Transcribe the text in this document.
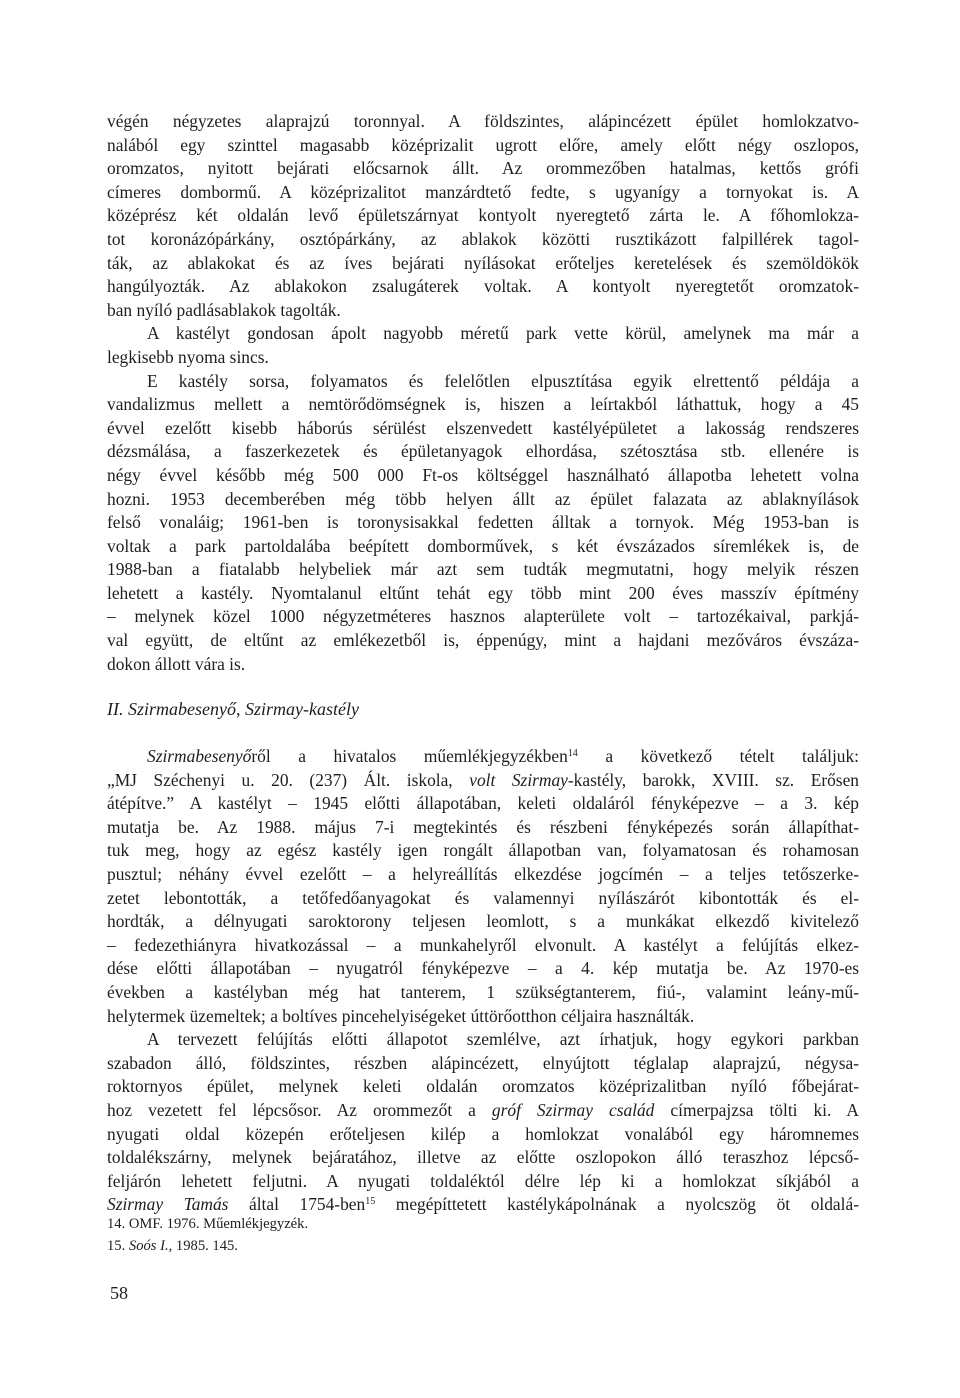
végén négyzetes alaprajzú toronnyal. A földszintes, alápincézett épület homlokzatvo-
nalából egy szinttel magasabb középrizalit ugrott előre, amely előtt négy oszlopos,
oromzatos, nyitott bejárati előcsarnok állt. Az orommezőben hatalmas, kettős grófi
címeres dombormű. A középrizalitot manzárdtető fedte, s ugyanígy a tornyokat is. A
középrész két oldalán levő épületszárnyat kontyolt nyeregtető zárta le. A főhomlokza-
tot koronázópárkány, osztópárkány, az ablakok közötti rusztikázott falpillérek tagol-
ták, az ablakokat és az íves bejárati nyílásokat erőteljes keretelések és szemöldökök
hangúlyozták. Az ablakokon zsalugáterek voltak. A kontyolt nyeregtetőt oromzatok-
ban nyíló padlásablakok tagolták.
A kastélyt gondosan ápolt nagyobb méretű park vette körül, amelynek ma már a
legkisebb nyoma sincs.
E kastély sorsa, folyamatos és felelőtlen elpusztítása egyik elrettentő példája a
vandalizmus mellett a nemtörődömségnek is, hiszen a leírtakból láthattuk, hogy a 45
évvel ezelőtt kisebb háborús sérülést elszenvedett kastélyépületet a lakosság rendszeres
dézsmálása, a faszerkezetek és épületanyagok elhordása, szétosztása stb. ellenére is
négy évvel később még 500 000 Ft-os költséggel használható állapotba lehetett volna
hozni. 1953 decemberében még több helyen állt az épület falazata az ablaknyílások
felső vonaláig; 1961-ben is toronysisakkal fedetten álltak a tornyok. Még 1953-ban is
voltak a park partoldalába beépített domborművek, s két évszázados síremlékek is, de
1988-ban a fiatalabb helybeliek már azt sem tudták megmutatni, hogy melyik részen
lehetett a kastély. Nyomtalanul eltűnt tehát egy több mint 200 éves masszív építmény
– melynek közel 1000 négyzetméteres hasznos alapterülete volt – tartozékaival, parkjá-
val együtt, de eltűnt az emlékezetből is, éppenúgy, mint a hajdani mezőváros évszáza-
dokon állott vára is.
II. Szirmabesenyő, Szirmay-kastély
Szirmabesenyőről a hivatalos műemlékjegyzékben$^{14}$ a következő tételt találjuk:
„MJ Széchenyi u. 20. (237) Ált. iskola, volt Szirmay-kastély, barokk, XVIII. sz. Erősen
átépítve.” A kastélyt – 1945 előtti állapotában, keleti oldaláról fényképezve – a 3. kép
mutatja be. Az 1988. május 7-i megtekintés és részbeni fényképezés során állapíthat-
tuk meg, hogy az egész kastély igen rongált állapotban van, folyamatosan és rohamosan
pusztul; néhány évvel ezelőtt – a helyreállítás elkezdése jogcímén – a teljes tetőszerke-
zetet lebontották, a tetőfedőanyagokat és valamennyi nyílászárót kibontották és el-
hordták, a délnyugati saroktorony teljesen leomlott, s a munkákat elkezdő kivitelező
– fedezethiányra hivatkozással – a munkahelyről elvonult. A kastélyt a felújítás elkez-
dése előtti állapotában – nyugatról fényképezve – a 4. kép mutatja be. Az 1970-es
években a kastélyban még hat tanterem, 1 szükségtanterem, fiú-, valamint leány-mű-
helytermek üzemeltek; a boltíves pincehelyiségeket úttörőotthon céljaira használták.
A tervezett felújítás előtti állapotot szemlélve, azt írhatjuk, hogy egykori parkban
szabadon álló, földszintes, részben alápincézett, elnyújtott téglalap alaprajzú, négysa-
roktornyos épület, melynek keleti oldalán oromzatos középrizalitban nyíló főbejárat-
hoz vezetett fel lépcsősor. Az orommezőt a gróf Szirmay család címerpajzsa tölti ki. A
nyugati oldal közepén erőteljesen kilép a homlokzat vonalából egy háromnemes
toldalékszárny, melynek bejáratához, illetve az előtte oszlopokon álló teraszhoz lépcső-
feljárón lehetett feljutni. A nyugati toldaléktól délre lép ki a homlokzat síkjából a
Szirmay Tamás által 1754-ben$^{15}$ megépíttetett kastélykápolnának a nyolcszög öt oldalá-
14. OMF. 1976. Műemlékjegyzék.
15. Soós I., 1985. 145.
58
